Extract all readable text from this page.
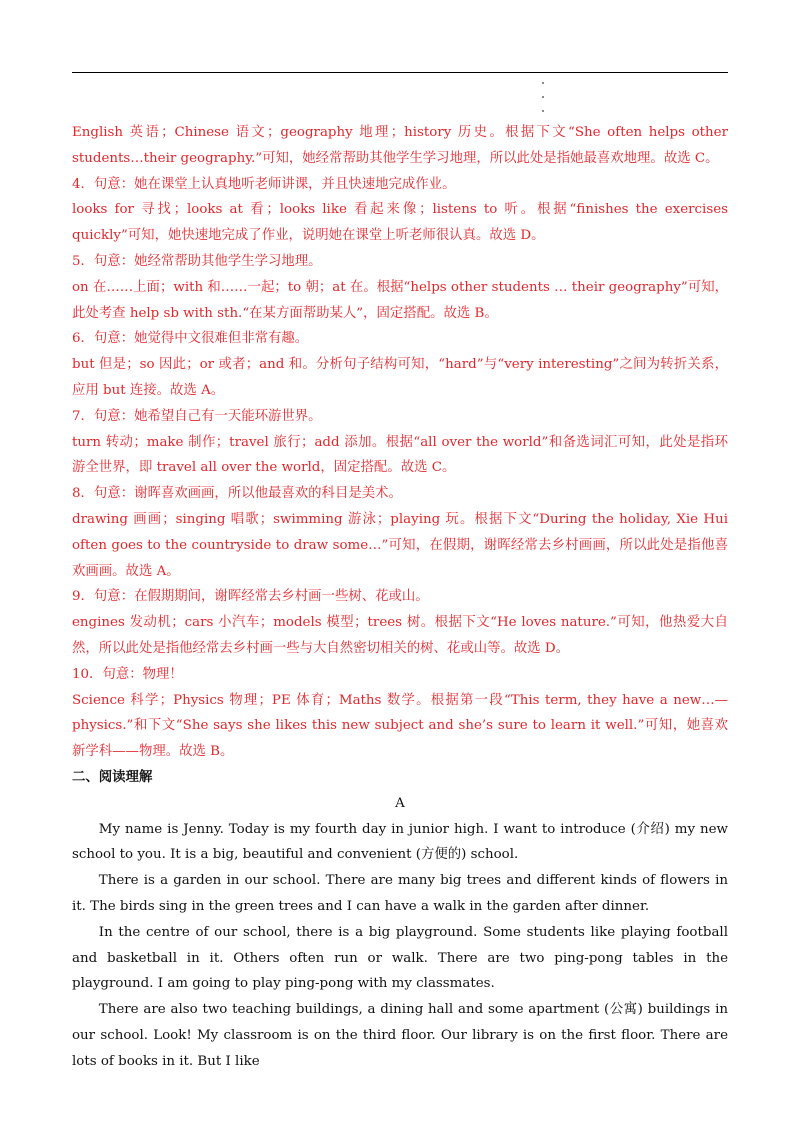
English 英语；Chinese 语文；geography 地理；history 历史。根据下文“She often helps other students…their geography.”可知，她经常帮助其他学生学习地理，所以此处是指她最喜欢地理。故选 C。

4．句意：她在课堂上认真地听老师讲课，并且快速地完成作业。

looks for 寻找；looks at 看；looks like 看起来像；listens to 听。根据“finishes the exercises quickly”可知，她快速地完成了作业，说明她在课堂上听老师很认真。故选 D。

5．句意：她经常帮助其他学生学习地理。

on 在……上面；with 和……一起；to 朝；at 在。根据“helps other students … their geography”可知，此处考查 help sb with sth.“在某方面帮助某人”，固定搭配。故选 B。

6．句意：她觉得中文很难但非常有趣。

but 但是；so 因此；or 或者；and 和。分析句子结构可知，“hard”与“very interesting”之间为转折关系，应用 but 连接。故选 A。

7．句意：她希望自己有一天能环游世界。

turn 转动；make 制作；travel 旅行；add 添加。根据“all over the world”和备选词汇可知，此处是指环游全世界，即 travel all over the world，固定搭配。故选 C。

8．句意：谢晖喜欢画画，所以他最喜欢的科目是美术。

drawing 画画；singing 唱歌；swimming 游泳；playing 玩。根据下文“During the holiday, Xie Hui often goes to the countryside to draw some…”可知，在假期，谢晖经常去乡村画画，所以此处是指他喜欢画画。故选 A。

9．句意：在假期期间，谢晖经常去乡村画一些树、花或山。

engines 发动机；cars 小汽车；models 模型；trees 树。根据下文“He loves nature.”可知，他热爱大自然，所以此处是指他经常去乡村画一些与大自然密切相关的树、花或山等。故选 D。

10．句意：物理！

Science 科学；Physics 物理；PE 体育；Maths 数学。根据第一段“This term, they have a new…—physics.”和下文“She says she likes this new subject and she’s sure to learn it well.”可知，她喜欢新学科——物理。故选 B。

二、阅读理解

A

My name is Jenny. Today is my fourth day in junior high. I want to introduce (介绍) my new school to you. It is a big, beautiful and convenient (方便的) school.

There is a garden in our school. There are many big trees and different kinds of flowers in it. The birds sing in the green trees and I can have a walk in the garden after dinner.

In the centre of our school, there is a big playground. Some students like playing football and basketball in it. Others often run or walk. There are two ping-pong tables in the playground. I am going to play ping-pong with my classmates.

There are also two teaching buildings, a dining hall and some apartment (公寓) buildings in our school. Look! My classroom is on the third floor. Our library is on the first floor. There are lots of books in it. But I like
